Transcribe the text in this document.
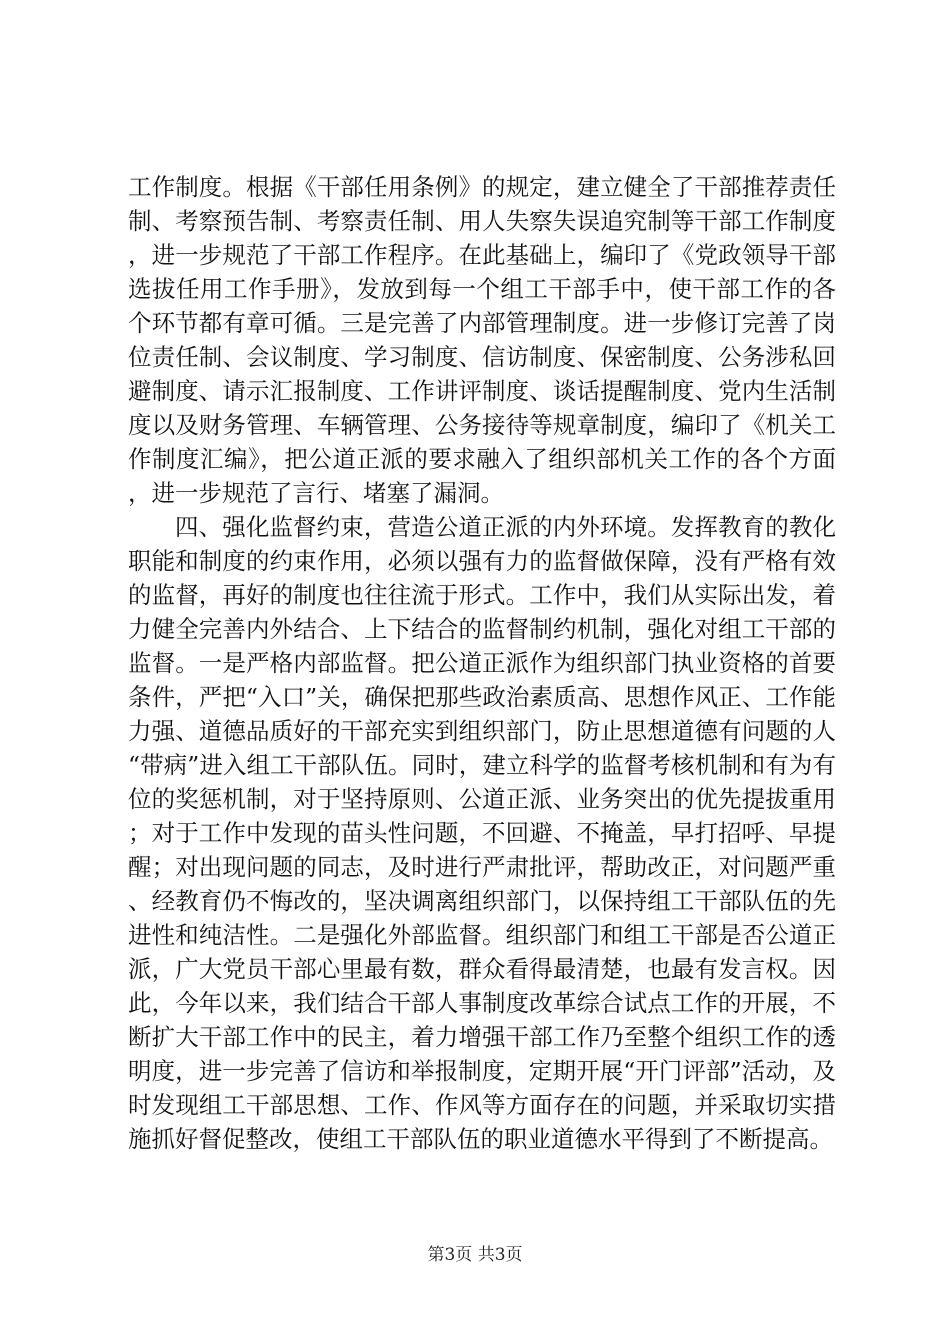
工作制度。根据《干部任用条例》的规定，建立健全了干部推荐责任制、考察预告制、考察责任制、用人失察失误追究制等干部工作制度，进一步规范了干部工作程序。在此基础上，编印了《党政领导干部选拔任用工作手册》，发放到每一个组工干部手中，使干部工作的各个环节都有章可循。三是完善了内部管理制度。进一步修订完善了岗位责任制、会议制度、学习制度、信访制度、保密制度、公务涉私回避制度、请示汇报制度、工作讲评制度、谈话提醒制度、党内生活制度以及财务管理、车辆管理、公务接待等规章制度，编印了《机关工作制度汇编》，把公道正派的要求融入了组织部机关工作的各个方面，进一步规范了言行、堵塞了漏洞。

四、强化监督约束，营造公道正派的内外环境。发挥教育的教化职能和制度的约束作用，必须以强有力的监督做保障，没有严格有效的监督，再好的制度也往往流于形式。工作中，我们从实际出发，着力健全完善内外结合、上下结合的监督制约机制，强化对组工干部的监督。一是严格内部监督。把公道正派作为组织部门执业资格的首要条件，严把“入口”关，确保把那些政治素质高、思想作风正、工作能力强、道德品质好的干部充实到组织部门，防止思想道德有问题的人“带病”进入组工干部队伍。同时，建立科学的监督考核机制和有为有位的奖惩机制，对于坚持原则、公道正派、业务突出的优先提拔重用；对于工作中发现的苗头性问题，不回避、不掩盖，早打招呼、早提醒；对出现问题的同志，及时进行严肃批评，帮助改正，对问题严重、经教育仍不悔改的，坚决调离组织部门，以保持组工干部队伍的先进性和纯洁性。二是强化外部监督。组织部门和组工干部是否公道正派，广大党员干部心里最有数，群众看得最清楚，也最有发言权。因此，今年以来，我们结合干部人事制度改革综合试点工作的开展，不断扩大干部工作中的民主，着力增强干部工作乃至整个组织工作的透明度，进一步完善了信访和举报制度，定期开展“开门评部”活动，及时发现组工干部思想、工作、作风等方面存在的问题，并采取切实措施抓好督促整改，使组工干部队伍的职业道德水平得到了不断提高。

第3页 共3页
